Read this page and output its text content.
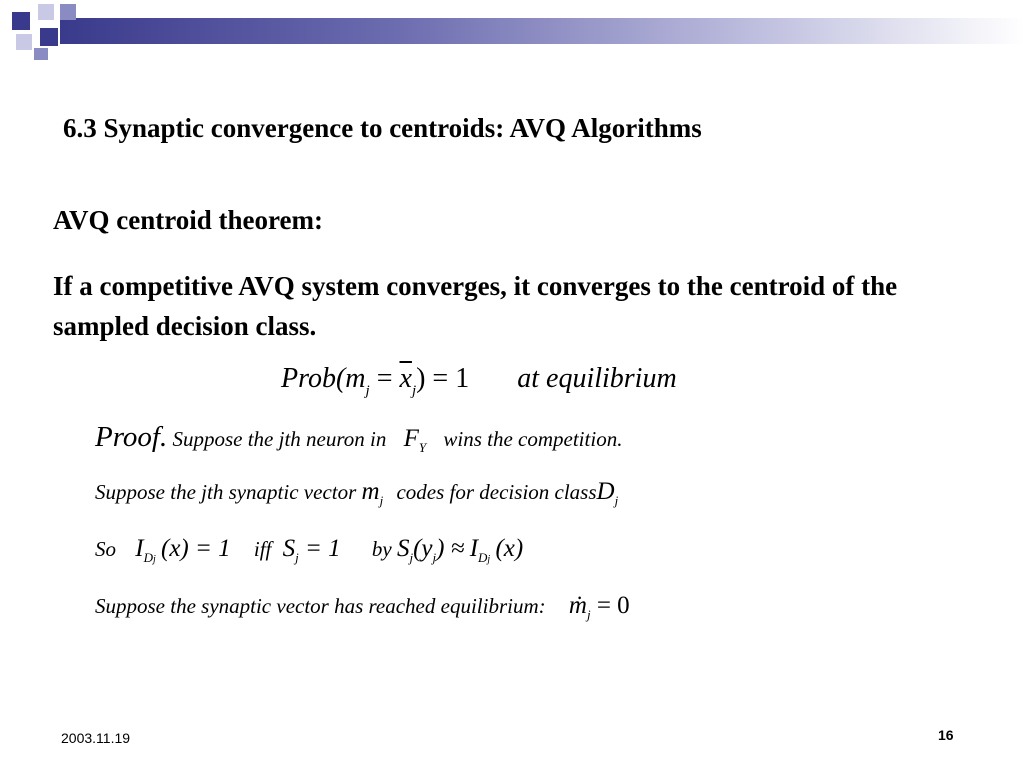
6.3 Synaptic convergence to centroids: AVQ Algorithms
AVQ centroid theorem:
If a competitive AVQ system converges, it converges to the centroid of the sampled decision class.
$Prob(m_j = \overline{x}_j) = 1$ at equilibrium
Proof. Suppose the jth neuron in $F_Y$ wins the competition.
Suppose the jth synaptic vector $m_j$ codes for decision classD$_j$
So $I_{Dj}$ (x) = 1 iff $S_j = 1$ by $S_j(y_j) \approx I_{Dj}$ (x)
Suppose the synaptic vector has reached equilibrium: ṁ$_j$ = 0
2003.11.19	16
